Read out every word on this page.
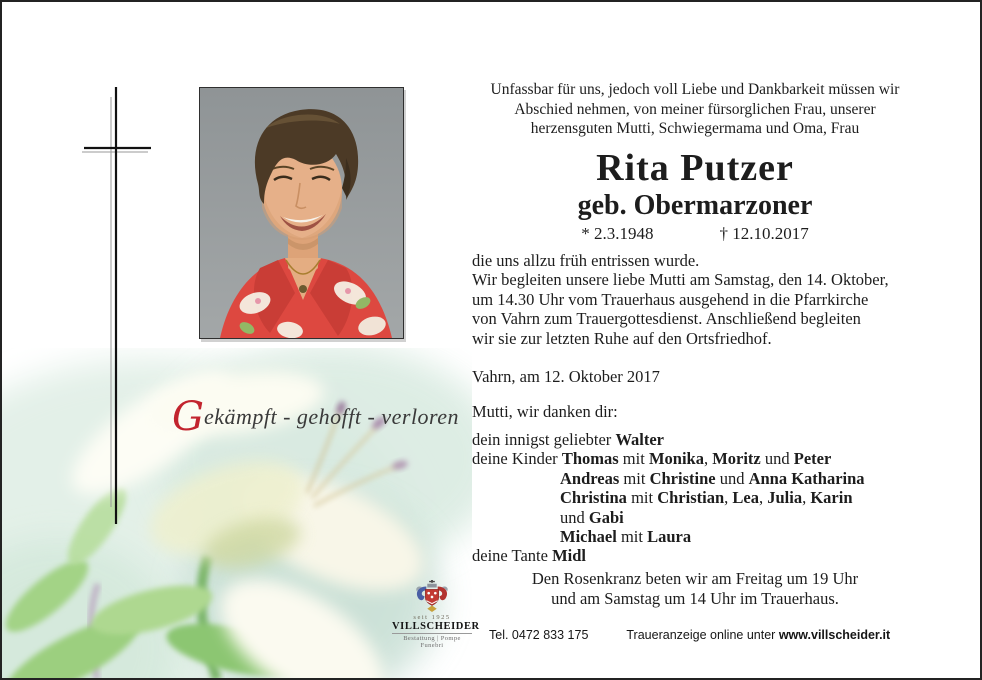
Gekämpft - gehofft - verloren
Unfassbar für uns, jedoch voll Liebe und Dankbarkeit müssen wir
Abschied nehmen, von meiner fürsorglichen Frau, unserer
herzensguten Mutti, Schwiegermama und Oma, Frau
Rita Putzer
geb. Obermarzoner
* 2.3.1948	† 12.10.2017
die uns allzu früh entrissen wurde.
Wir begleiten unsere liebe Mutti am Samstag, den 14. Oktober,
um 14.30 Uhr vom Trauerhaus ausgehend in die Pfarrkirche
von Vahrn zum Trauergottesdienst. Anschließend begleiten
wir sie zur letzten Ruhe auf den Ortsfriedhof.
Vahrn, am 12. Oktober 2017
Mutti, wir danken dir:
dein innigst geliebter Walter
deine Kinder Thomas mit Monika, Moritz und Peter
Andreas mit Christine und Anna Katharina
Christina mit Christian, Lea, Julia, Karin
und Gabi
Michael mit Laura
deine Tante Midl
Den Rosenkranz beten wir am Freitag um 19 Uhr
und am Samstag um 14 Uhr im Trauerhaus.
seit 1925
VILLSCHEIDER
Bestattung | Pompe Funebri
Tel. 0472 833 175	Traueranzeige online unter www.villscheider.it
